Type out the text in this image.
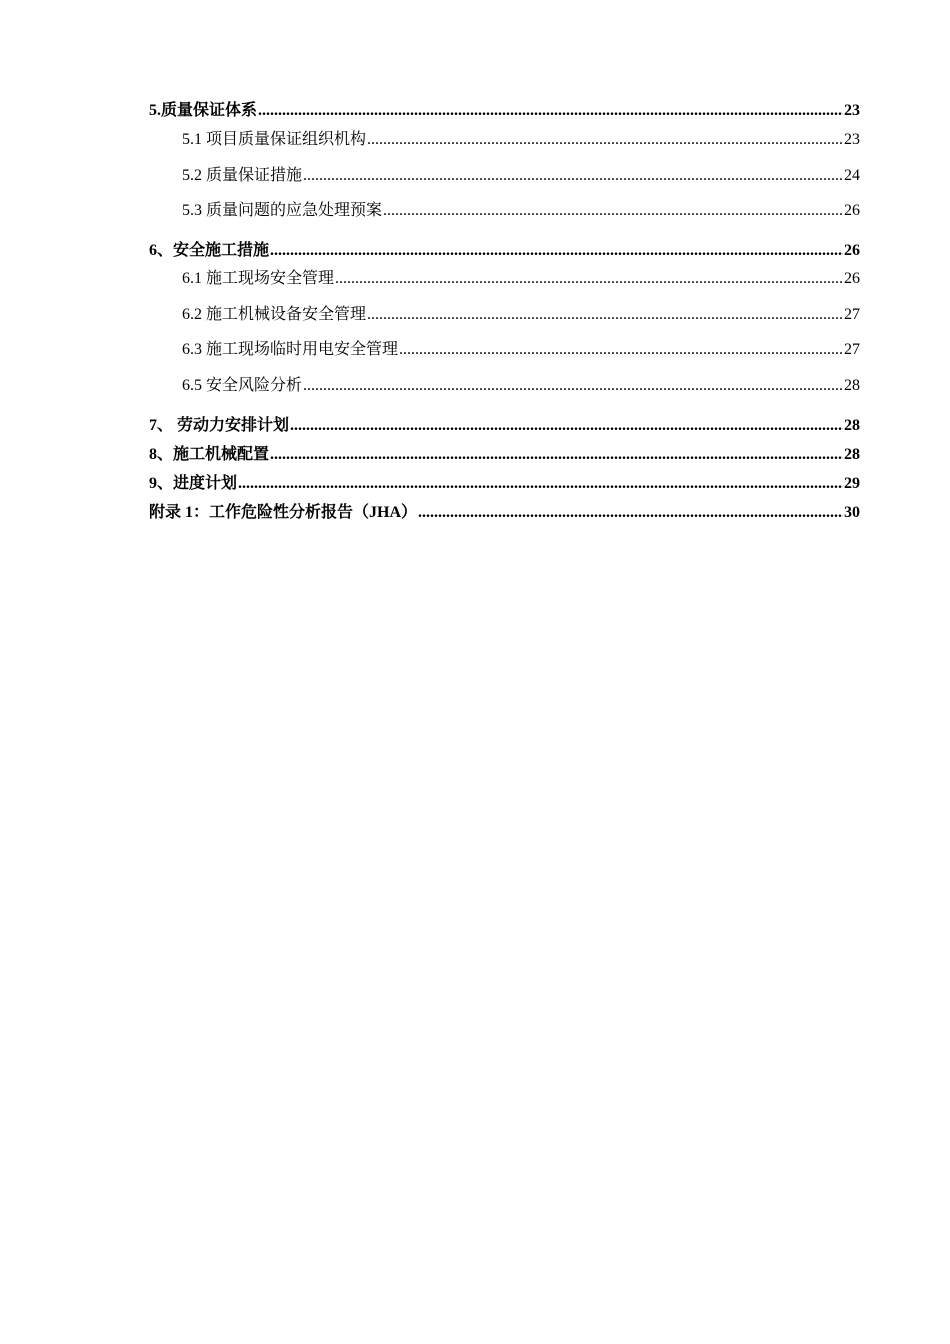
5.质量保证体系 .....	23
5.1 项目质量保证组织机构 .....	23
5.2 质量保证措施 .....	24
5.3 质量问题的应急处理预案 .....	26
6、安全施工措施 .....	26
6.1 施工现场安全管理 .....	26
6.2 施工机械设备安全管理 .....	27
6.3 施工现场临时用电安全管理 .....	27
6.5 安全风险分析 .....	28
7、 劳动力安排计划 .....	28
8、施工机械配置 .....	28
9、进度计划 .....	29
附录 1：工作危险性分析报告（JHA） .....	30
